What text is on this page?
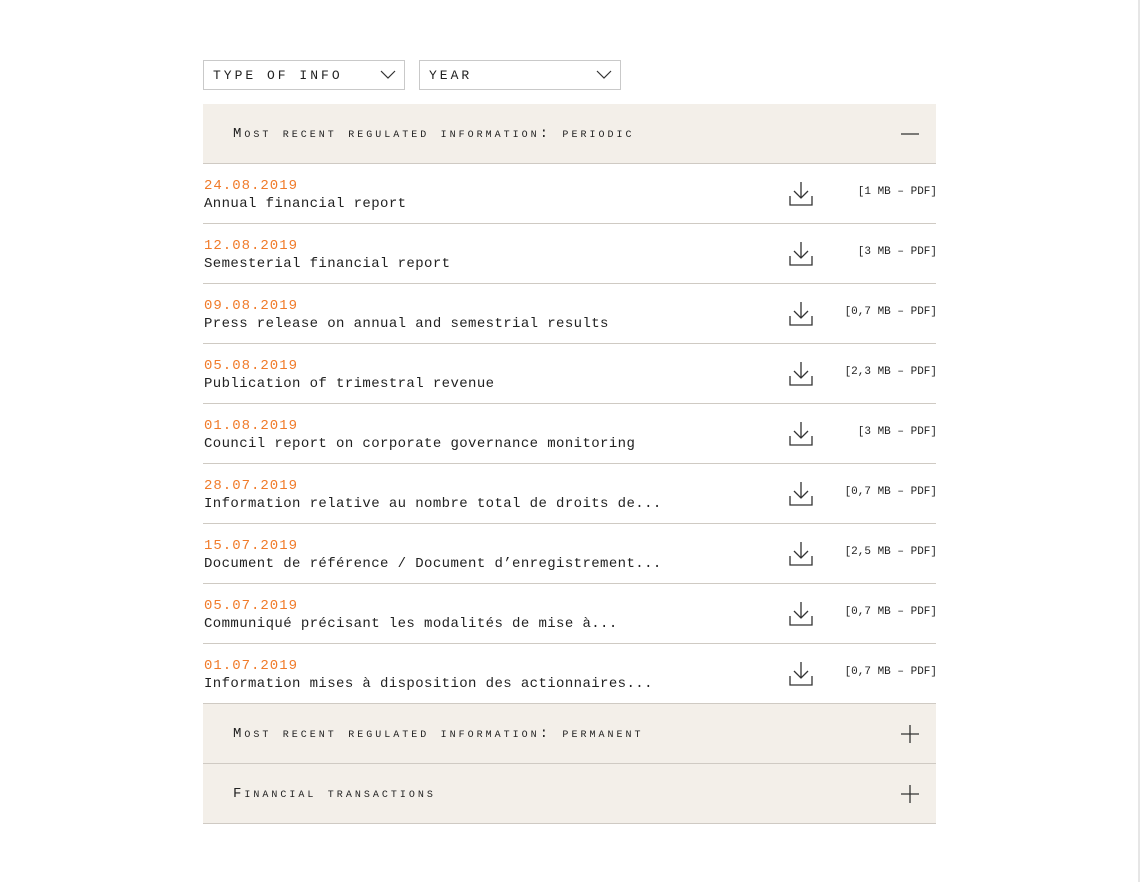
TYPE OF INFO	YEAR
Most recent regulated information: periodic
24.08.2019
Annual financial report
[1 MB – PDF]
12.08.2019
Semesterial financial report
[3 MB – PDF]
09.08.2019
Press release on annual and semestrial results
[0,7 MB – PDF]
05.08.2019
Publication of trimestral revenue
[2,3 MB – PDF]
01.08.2019
Council report on corporate governance monitoring
[3 MB – PDF]
28.07.2019
Information relative au nombre total de droits de...
[0,7 MB – PDF]
15.07.2019
Document de référence / Document d’enregistrement...
[2,5 MB – PDF]
05.07.2019
Communiqué précisant les modalités de mise à...
[0,7 MB – PDF]
01.07.2019
Information mises à disposition des actionnaires...
[0,7 MB – PDF]
Most recent regulated information: permanent
Financial transactions
